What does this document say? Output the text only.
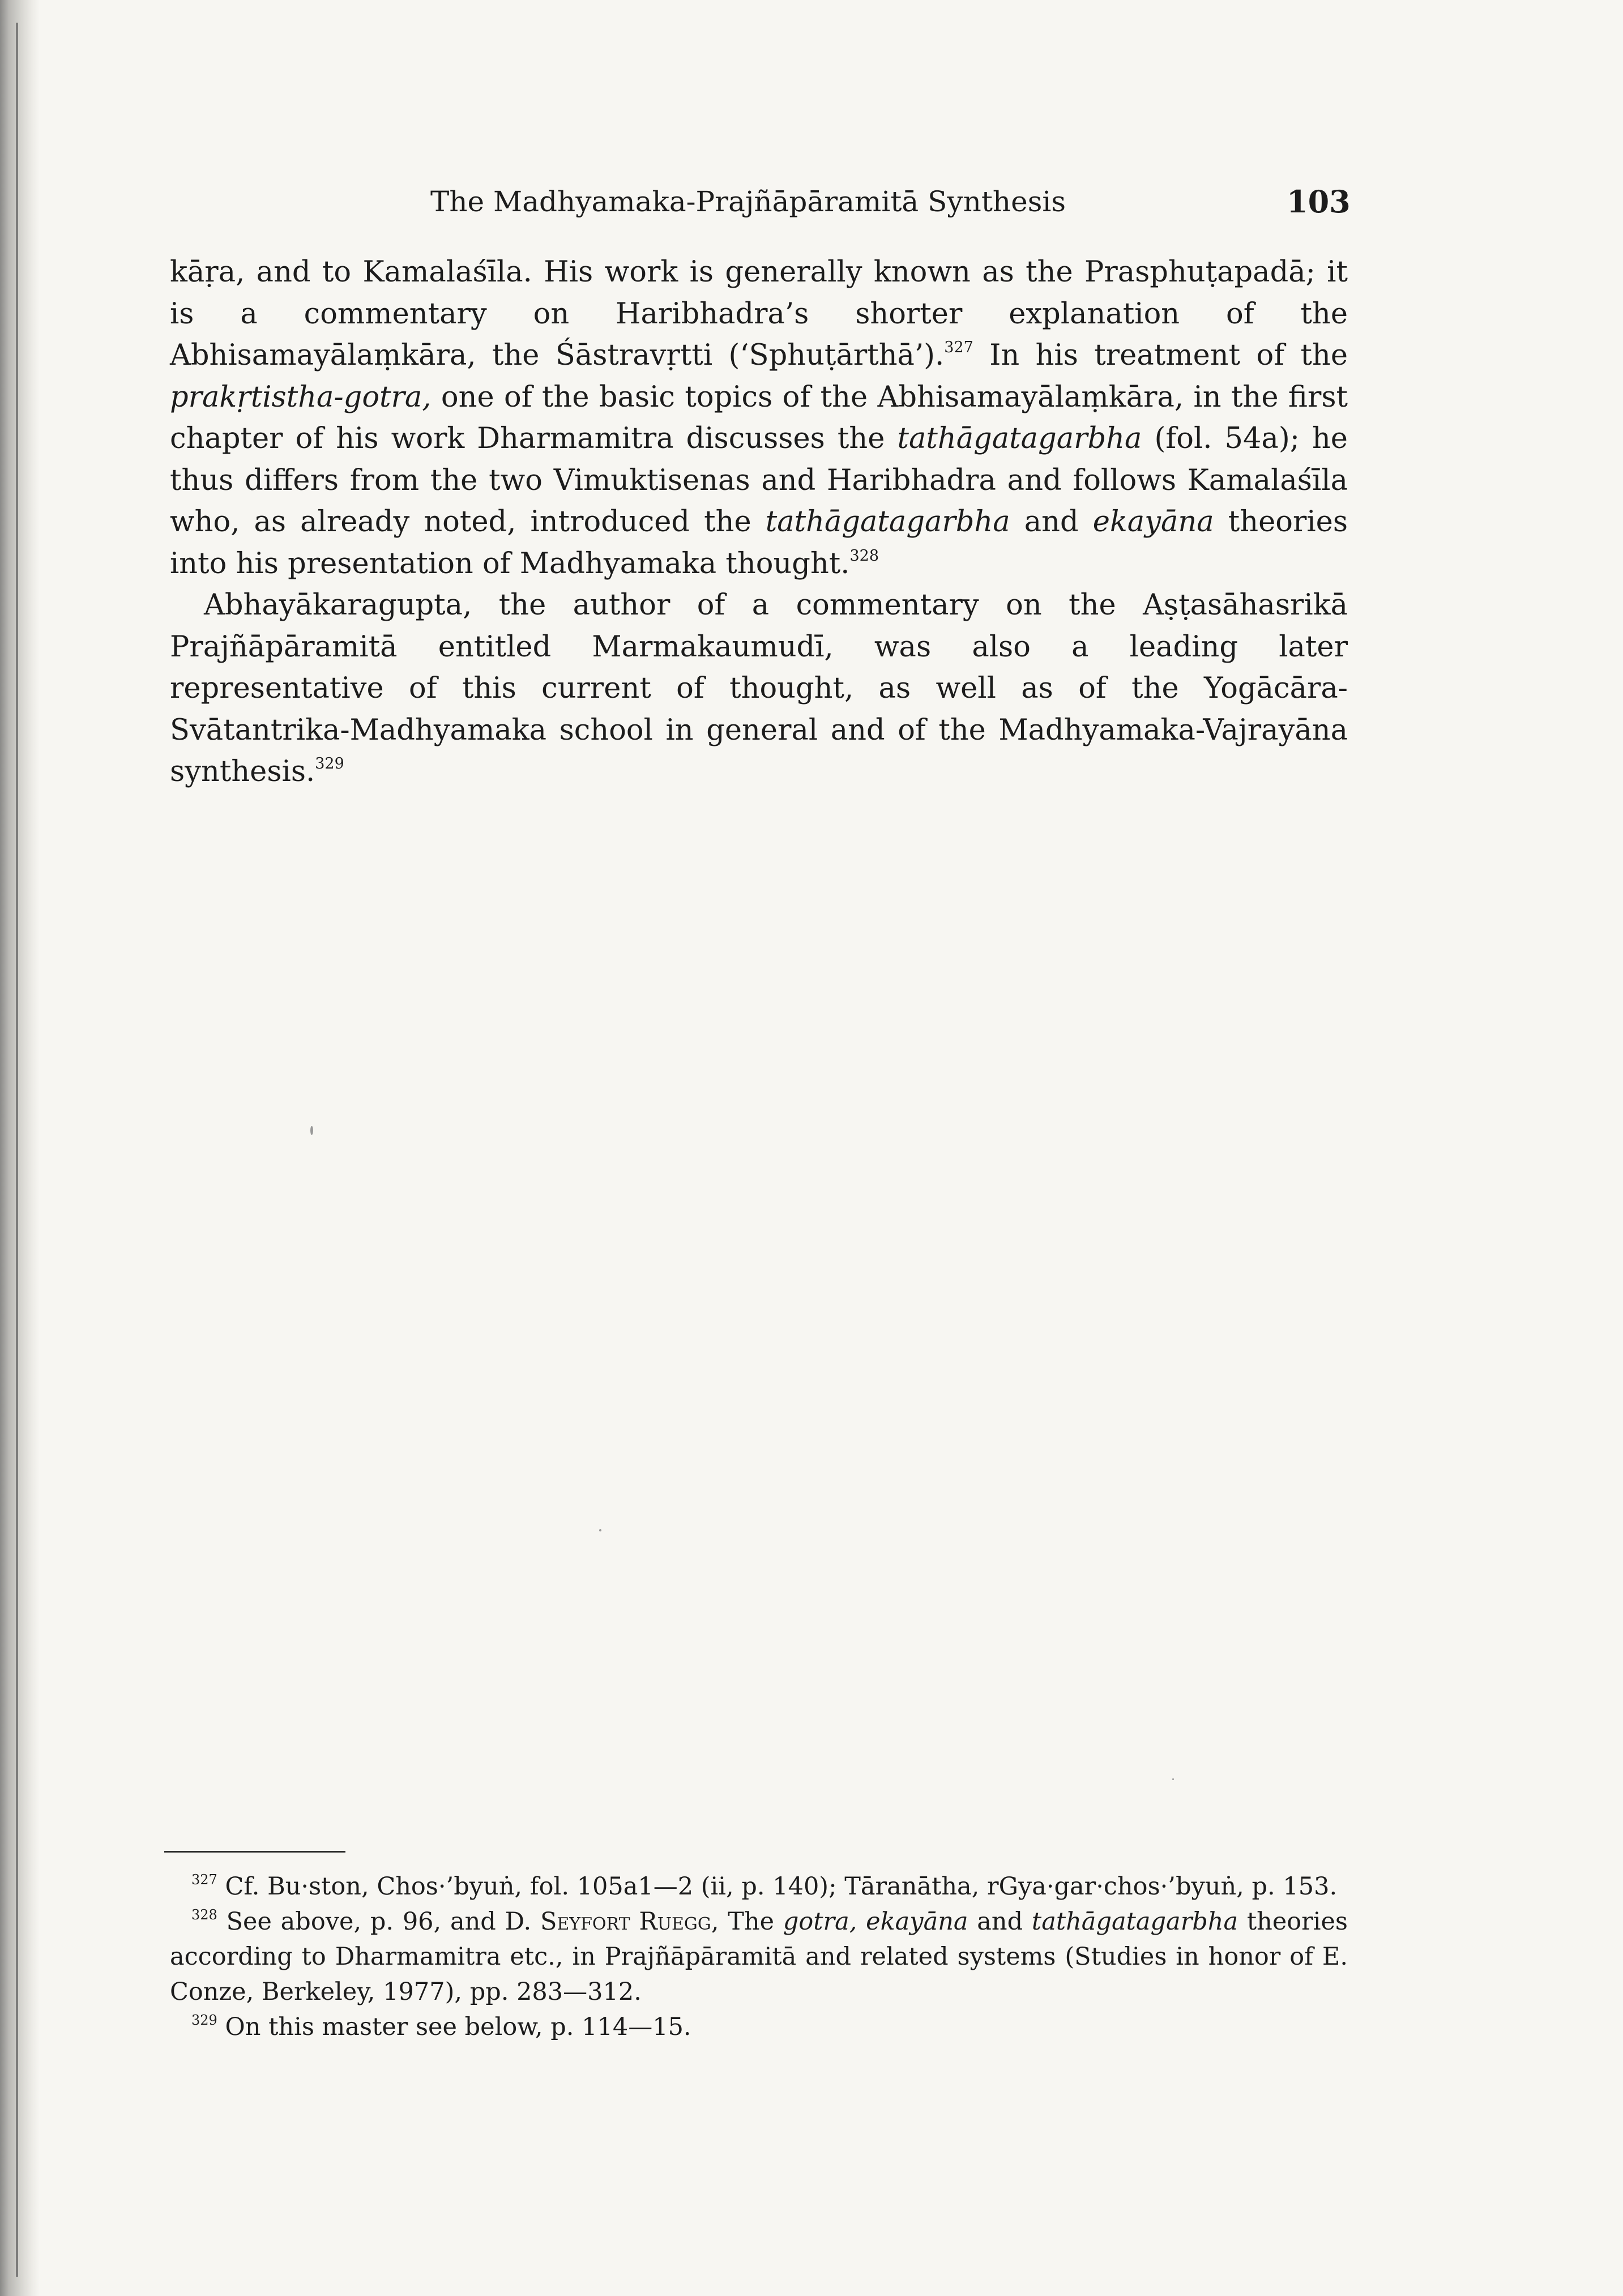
The Madhyamaka-Prajñāpāramitā Synthesis	103

kāṛa, and to Kamalaśīla. His work is generally known as the Prasphuṭapadā; it is a commentary on Haribhadra’s shorter explanation of the Abhisamayālaṃkāra, the Śāstravṛtti (‘Sphuṭārthā’).$^{327}$ In his treatment of the prakṛtistha-gotra, one of the basic topics of the Abhisamayālaṃkāra, in the first chapter of his work Dharmamitra discusses the tathāgatagarbha (fol. 54a); he thus differs from the two Vimuktisenas and Haribhadra and follows Kamalaśīla who, as already noted, introduced the tathāgatagarbha and ekayāna theories into his presentation of Madhyamaka thought.$^{328}$

Abhayākaragupta, the author of a commentary on the Aṣṭasāhasrikā Prajñāpāramitā entitled Marmakaumudī, was also a leading later representative of this current of thought, as well as of the Yogācāra-Svātantrika-Madhyamaka school in general and of the Madhyamaka-Vajrayāna synthesis.$^{329}$

$^{327}$ Cf. Bu·ston, Chos·’byuṅ, fol. 105a1—2 (ii, p. 140); Tāranātha, rGya·gar·chos·’byuṅ, p. 153.

$^{328}$ See above, p. 96, and D. Seyfort Ruegg, The gotra, ekayāna and tathāgatagarbha theories according to Dharmamitra etc., in Prajñāpāramitā and related systems (Studies in honor of E. Conze, Berkeley, 1977), pp. 283—312.

$^{329}$ On this master see below, p. 114—15.
